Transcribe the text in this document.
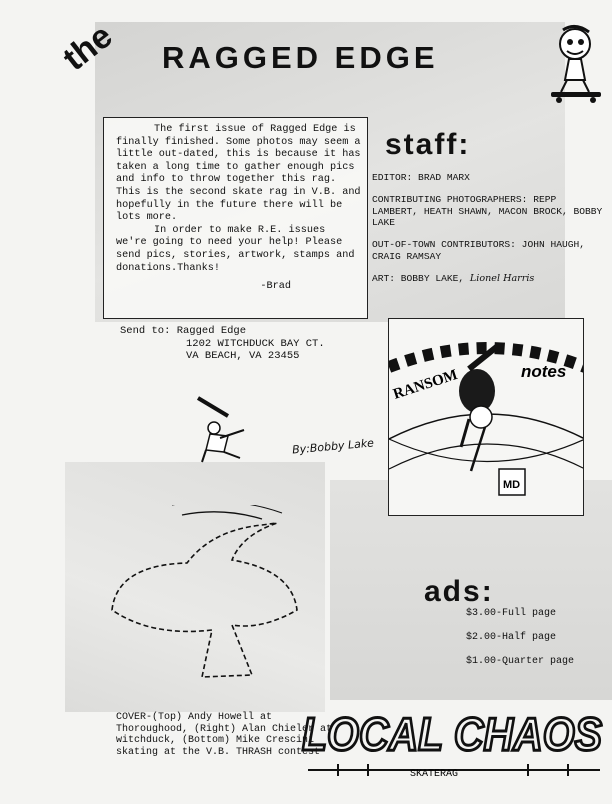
the RAGGED EDGE

The first issue of Ragged Edge is finally finished. Some photos may seem a little out-dated, this is because it has taken a long time to gather enough pics and info to throw together this rag. This is the second skate rag in V.B. and hopefully in the future there will be lots more.

In order to make R.E. issues we're going to need your help! Please send pics, stories, artwork, stamps and donations.Thanks!

-Brad

Send to: Ragged Edge
1202 WITCHDUCK BAY CT.
VA BEACH, VA 23455
staff:

EDITOR: BRAD MARX

CONTRIBUTING PHOTOGRAPHERS: REPP LAMBERT, HEATH SHAWN, MACON BROCK, BOBBY LAKE

OUT-OF-TOWN CONTRIBUTORS: JOHN HAUGH, CRAIG RAMSAY

ART: BOBBY LAKE, Lionel Harris

RANSOM	notes
MD
By:Bobby Lake
ads:

$3.00-Full page

$2.00-Half page

$1.00-Quarter page

COVER-(Top) Andy Howell at Thoroughood, (Right) Alan Chieler at witchduck, (Bottom) Mike Crescini skating at the V.B. THRASH contest
LOCAL CHAOS
SKATERAG
